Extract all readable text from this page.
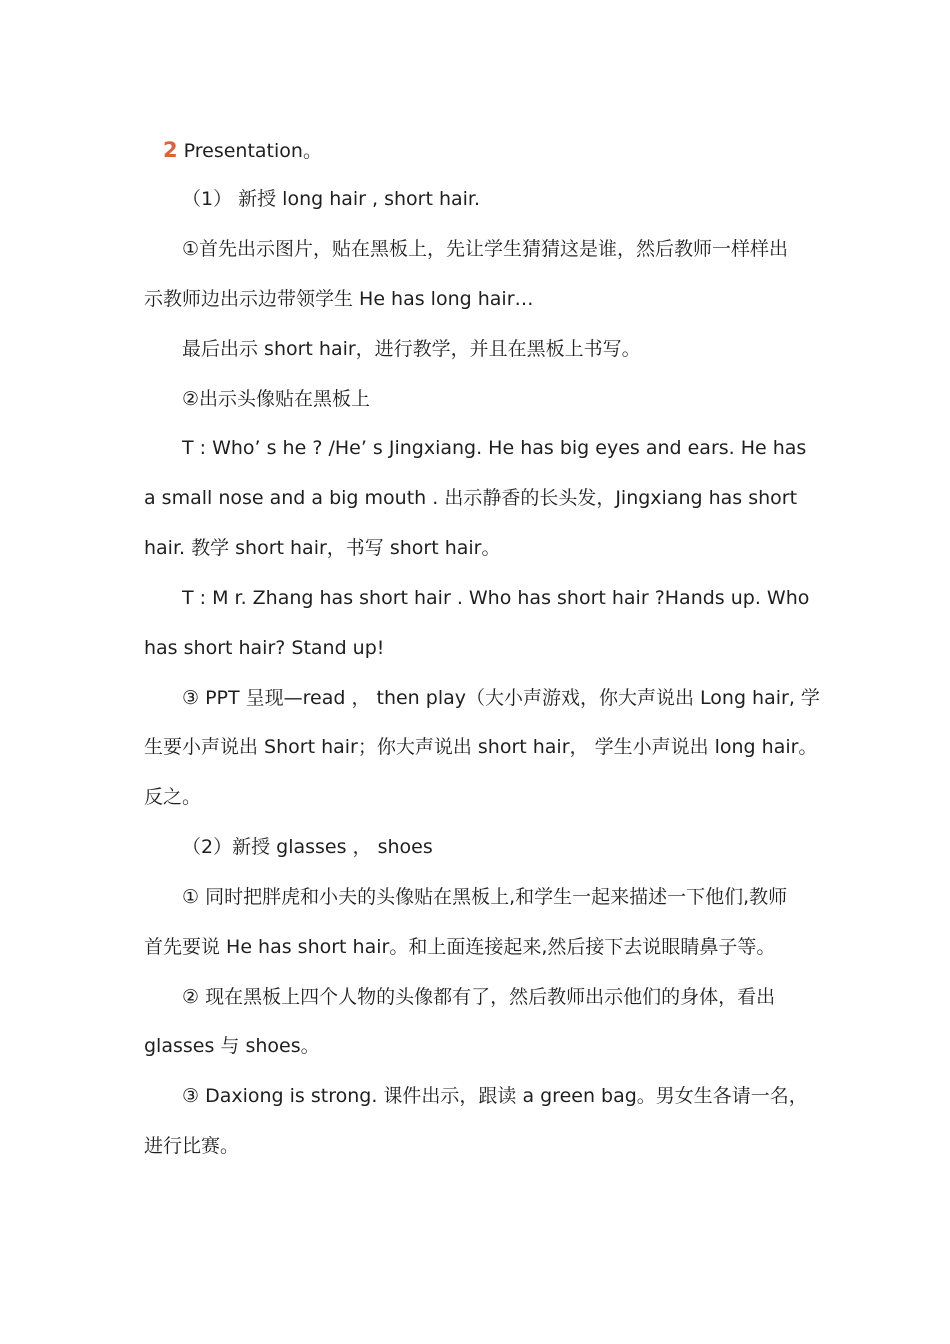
2 Presentation。
（1） 新授 long hair , short hair.
①首先出示图片，贴在黑板上，先让学生猜猜这是谁，然后教师一样样出
示教师边出示边带领学生 He has long hair…
最后出示 short hair，进行教学，并且在黑板上书写。
②出示头像贴在黑板上
T : Who’ s he ? /He’ s Jingxiang. He has big eyes and ears. He has
a small nose and a big mouth . 出示静香的长头发，Jingxiang has short
hair. 教学 short hair，书写 short hair。
T : M r. Zhang has short hair . Who has short hair ?Hands up. Who
has short hair? Stand up!
③ PPT 呈现—read ， then play（大小声游戏，你大声说出 Long hair, 学
生要小声说出 Short hair；你大声说出 short hair， 学生小声说出 long hair。
反之。
（2）新授 glasses ， shoes
① 同时把胖虎和小夫的头像贴在黑板上,和学生一起来描述一下他们,教师
首先要说 He has short hair。和上面连接起来,然后接下去说眼睛鼻子等。
② 现在黑板上四个人物的头像都有了，然后教师出示他们的身体，看出
glasses 与 shoes。
③ Daxiong is strong. 课件出示，跟读 a green bag。男女生各请一名，
进行比赛。
